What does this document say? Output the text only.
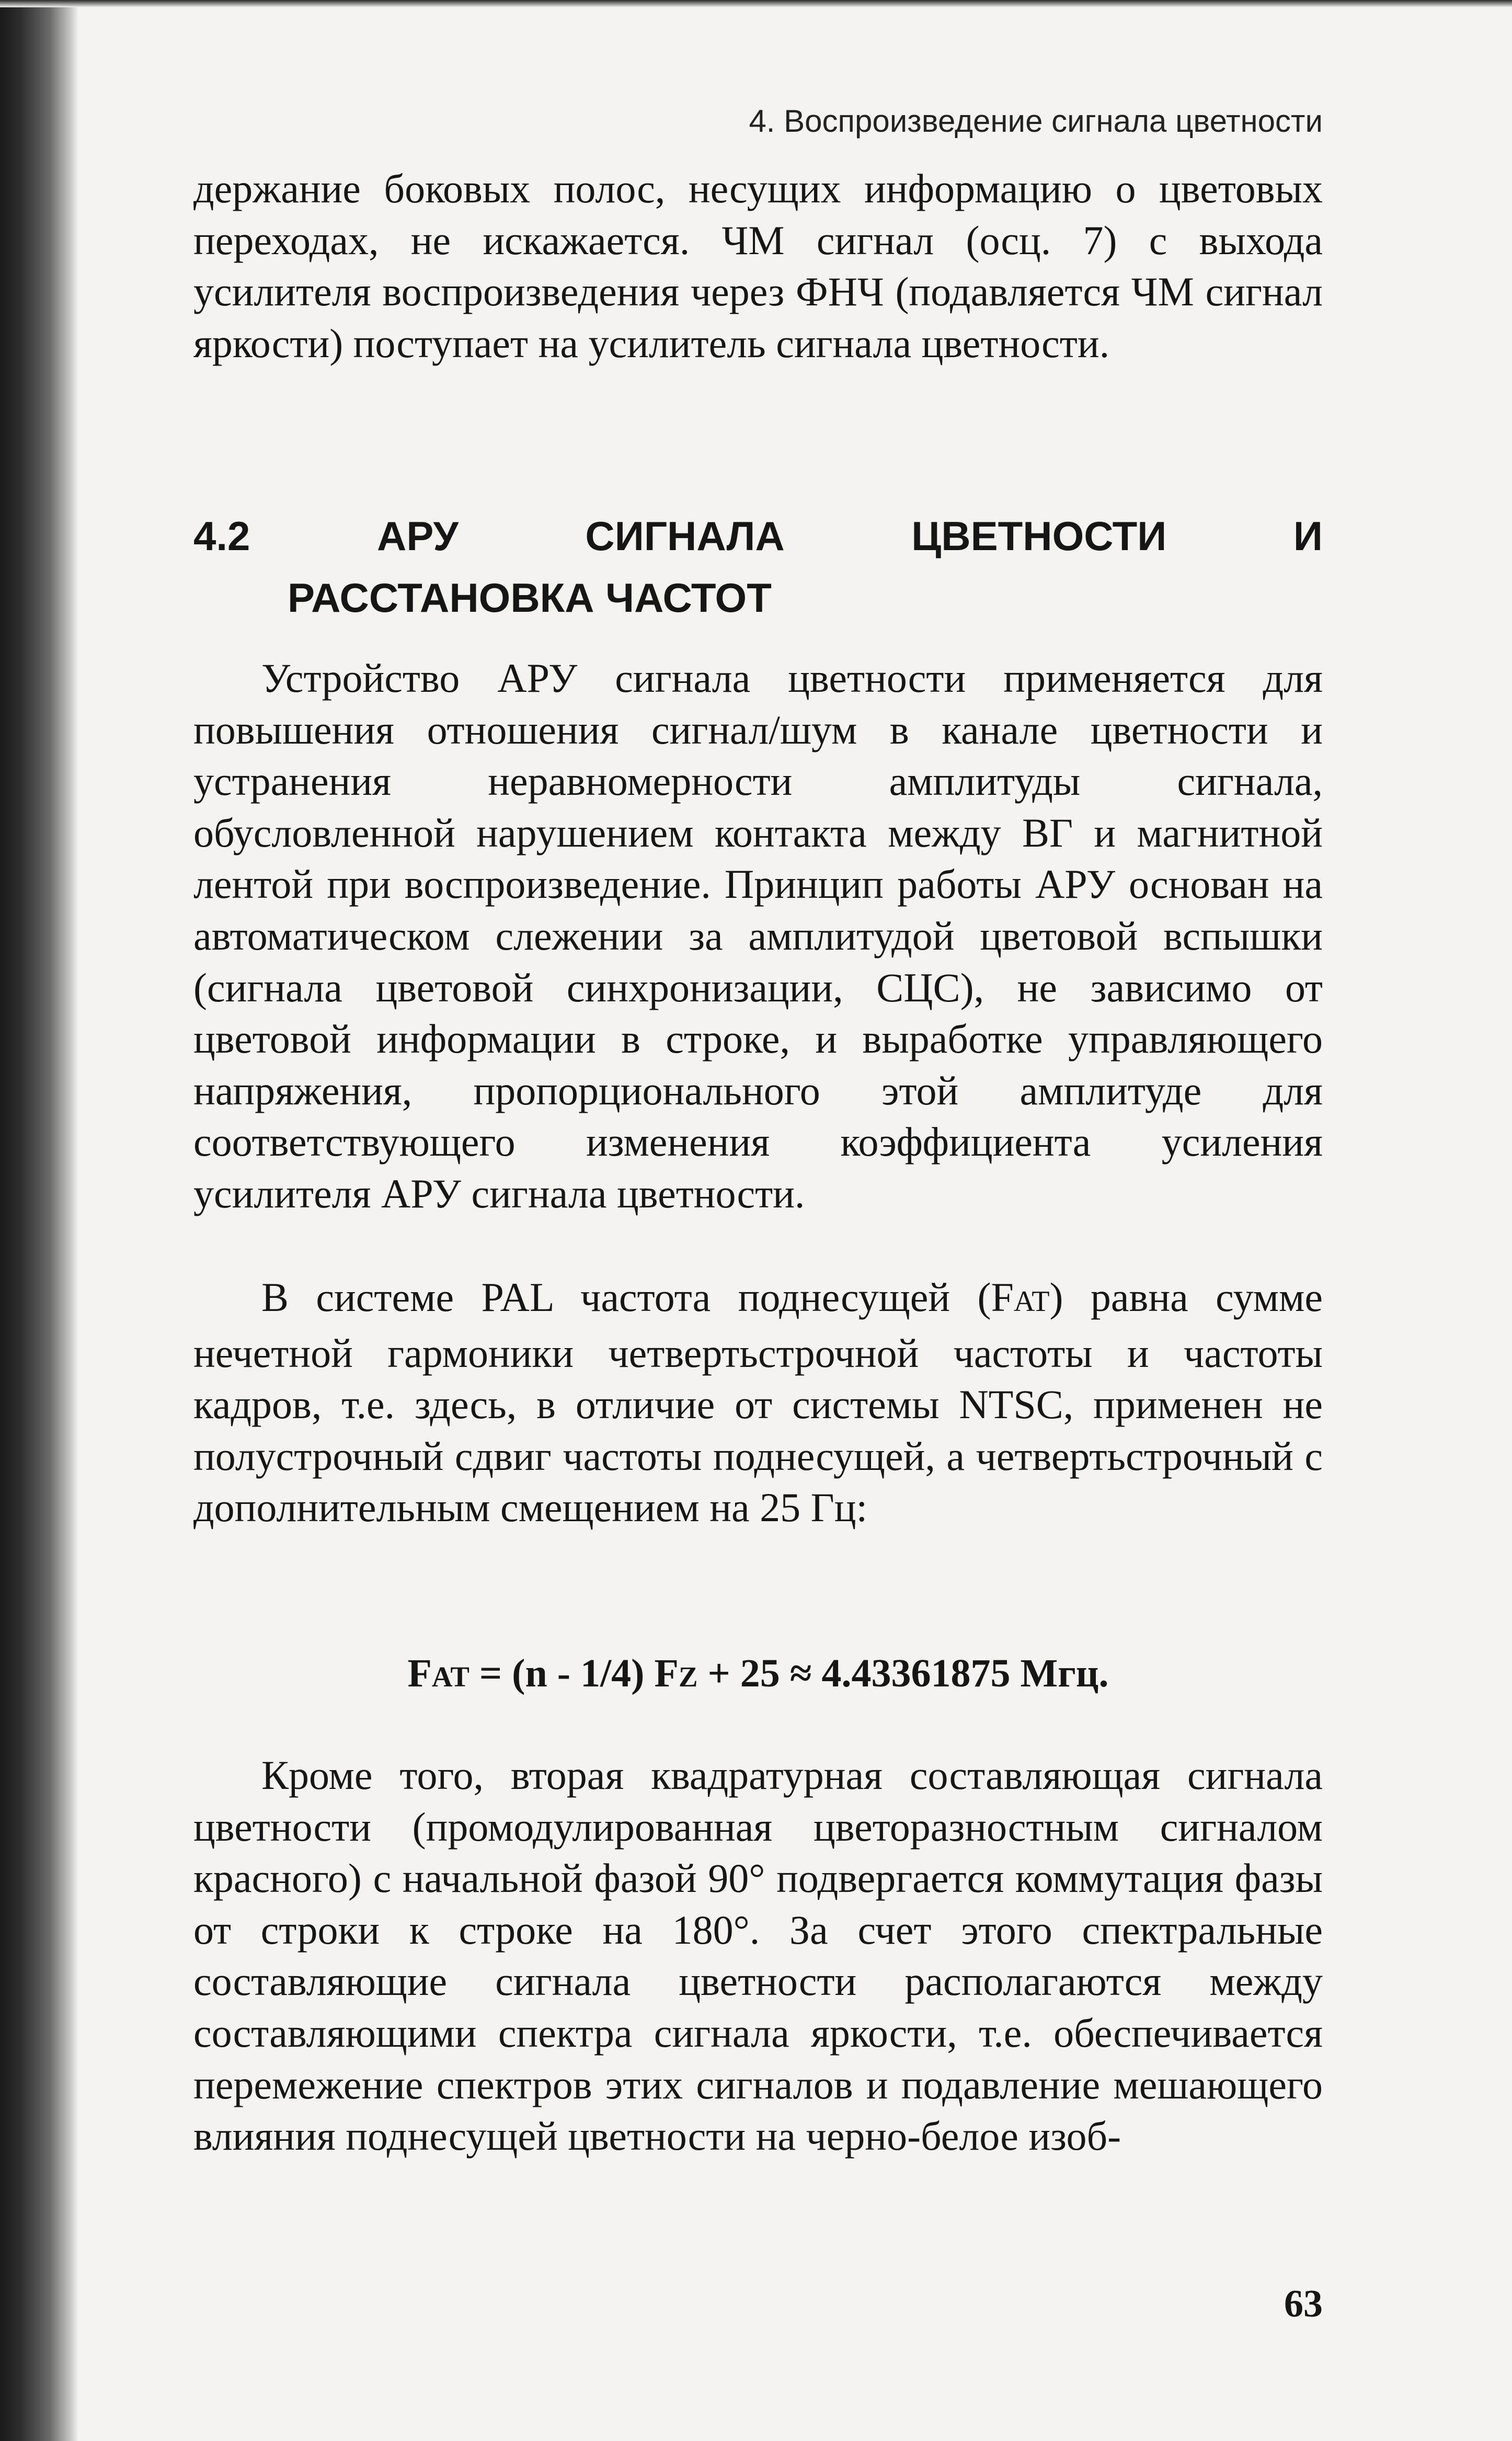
4. Воспроизведение сигнала цветности

держание боковых полос, несущих информацию о цветовых переходах, не искажается. ЧМ сигнал (осц. 7) с выхода усилителя воспроизведения через ФНЧ (подавляется ЧМ сигнал яркости) поступает на усилитель сигнала цветности.

4.2	АРУ	СИГНАЛА	ЦВЕТНОСТИ	И
РАССТАНОВКА ЧАСТОТ

Устройство АРУ сигнала цветности применяется для повышения отношения сигнал/шум в канале цветности и устранения неравномерности амплитуды сигнала, обусловленной нарушением контакта между ВГ и магнитной лентой при воспроизведение. Принцип работы АРУ основан на автоматическом слежении за амплитудой цветовой вспышки (сигнала цветовой синхронизации, СЦС), не зависимо от цветовой информации в строке, и выработке управляющего напряжения, пропорционального этой амплитуде для соответствующего изменения коэффициента усиления усилителя АРУ сигнала цветности.

В системе PAL частота поднесущей (FAT) равна сумме нечетной гармоники четвертьстрочной частоты и частоты кадров, т.е. здесь, в отличие от системы NTSC, применен не полустрочный сдвиг частоты поднесущей, а четвертьстрочный с дополнительным смещением на 25 Гц:

FAT = (n - 1/4) FZ + 25 ≈ 4.43361875 Мгц.

Кроме того, вторая квадратурная составляющая сигнала цветности (промодулированная цветоразностным сигналом красного) с начальной фазой 90° подвергается коммутация фазы от строки к строке на 180°. За счет этого спектральные составляющие сигнала цветности располагаются между составляющими спектра сигнала яркости, т.е. обеспечивается перемежение спектров этих сигналов и подавление мешающего влияния поднесущей цветности на черно-белое изоб-

63
